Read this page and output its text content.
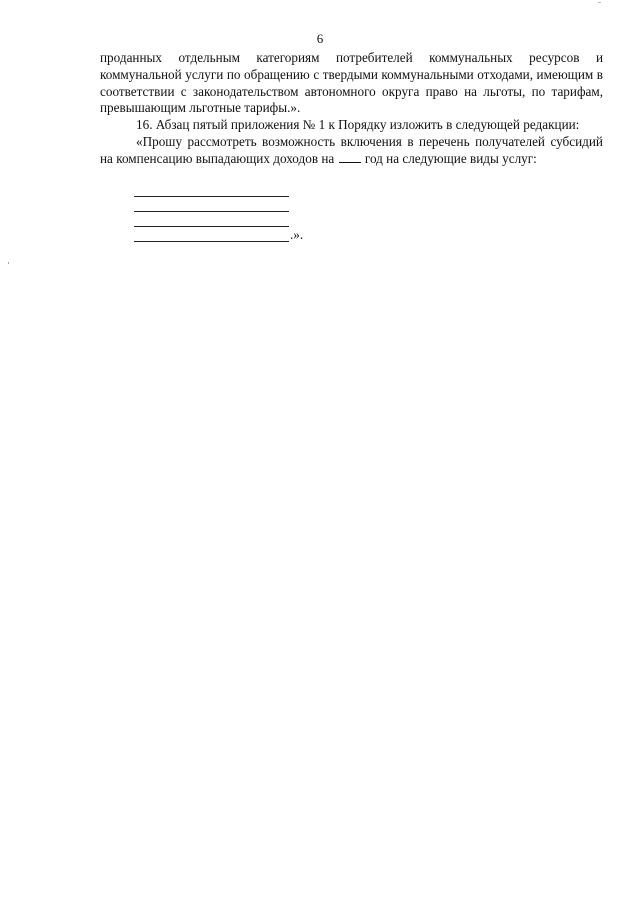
6

проданных отдельным категориям потребителей коммунальных ресурсов и коммунальной услуги по обращению с твердыми коммунальными отходами, имеющим в соответствии с законодательством автономного округа право на льготы, по тарифам, превышающим льготные тарифы.».

16. Абзац пятый приложения № 1 к Порядку изложить в следующей редакции:

«Прошу рассмотреть возможность включения в перечень получателей субсидий на компенсацию выпадающих доходов на год на следующие виды услуг:

.».
